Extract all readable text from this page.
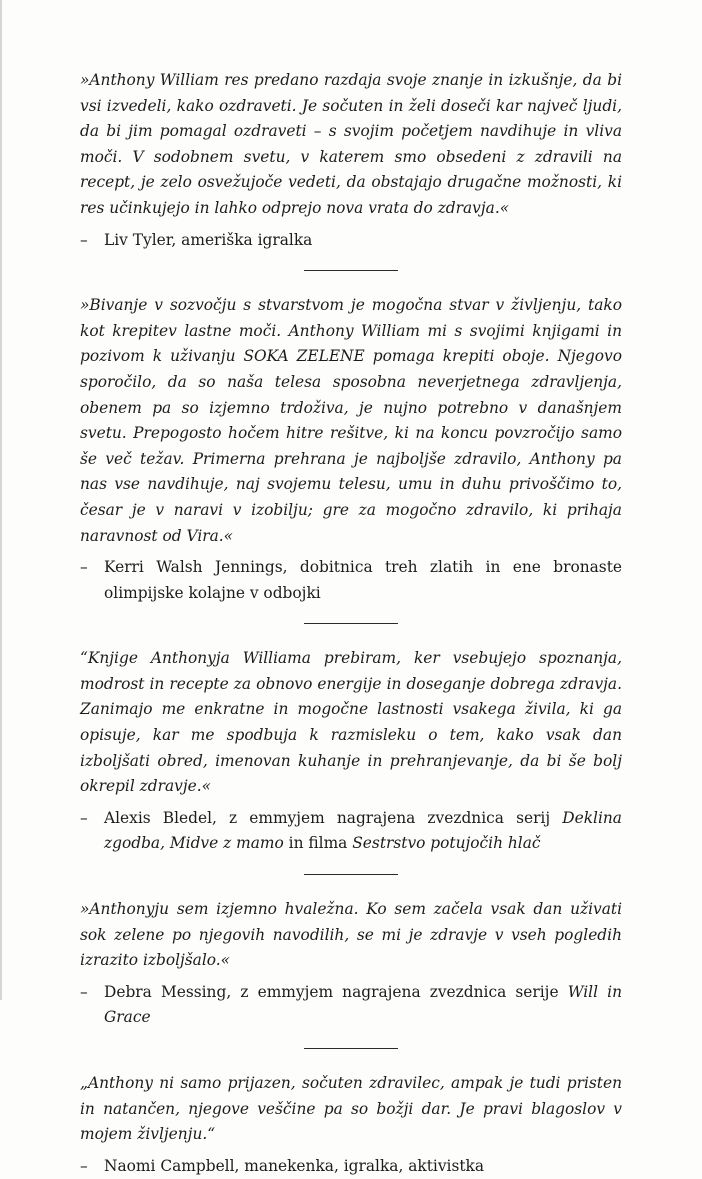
»Anthony William res predano razdaja svoje znanje in izkušnje, da bi vsi izvedeli, kako ozdraveti. Je sočuten in želi doseči kar največ ljudi, da bi jim pomagal ozdraveti – s svojim početjem navdihuje in vliva moči. V sodobnem svetu, v katerem smo obsedeni z zdravili na recept, je zelo osvežujoče vedeti, da obstajajo drugačne možnosti, ki res učinkujejo in lahko odprejo nova vrata do zdravja.«

– Liv Tyler, ameriška igralka

»Bivanje v sozvočju s stvarstvom je mogočna stvar v življenju, tako kot krepitev lastne moči. Anthony William mi s svojimi knjigami in pozivom k uživanju SOKA ZELENE pomaga krepiti oboje. Njegovo sporočilo, da so naša telesa sposobna neverjetnega zdravljenja, obenem pa so izjemno trdoživa, je nujno potrebno v današnjem svetu. Prepogosto hočem hitre rešitve, ki na koncu povzročijo samo še več težav. Primerna prehrana je najboljše zdravilo, Anthony pa nas vse navdihuje, naj svojemu telesu, umu in duhu privoščimo to, česar je v naravi v izobilju; gre za mogočno zdravilo, ki prihaja naravnost od Vira.«

– Kerri Walsh Jennings, dobitnica treh zlatih in ene bronaste olimpijske kolajne v odbojki

“Knjige Anthonyja Williama prebiram, ker vsebujejo spoznanja, modrost in recepte za obnovo energije in doseganje dobrega zdravja. Zanimajo me enkratne in mogočne lastnosti vsakega živila, ki ga opisuje, kar me spodbuja k razmisleku o tem, kako vsak dan izboljšati obred, imenovan kuhanje in prehranjevanje, da bi še bolj okrepil zdravje.«

– Alexis Bledel, z emmyjem nagrajena zvezdnica serij Deklina zgodba, Midve z mamo in filma Sestrstvo potujočih hlač

»Anthonyju sem izjemno hvaležna. Ko sem začela vsak dan uživati sok zelene po njegovih navodilih, se mi je zdravje v vseh pogledih izrazito izboljšalo.«

– Debra Messing, z emmyjem nagrajena zvezdnica serije Will in Grace

„Anthony ni samo prijazen, sočuten zdravilec, ampak je tudi pristen in natančen, njegove veščine pa so božji dar. Je pravi blagoslov v mojem življenju.“

– Naomi Campbell, manekenka, igralka, aktivistka
